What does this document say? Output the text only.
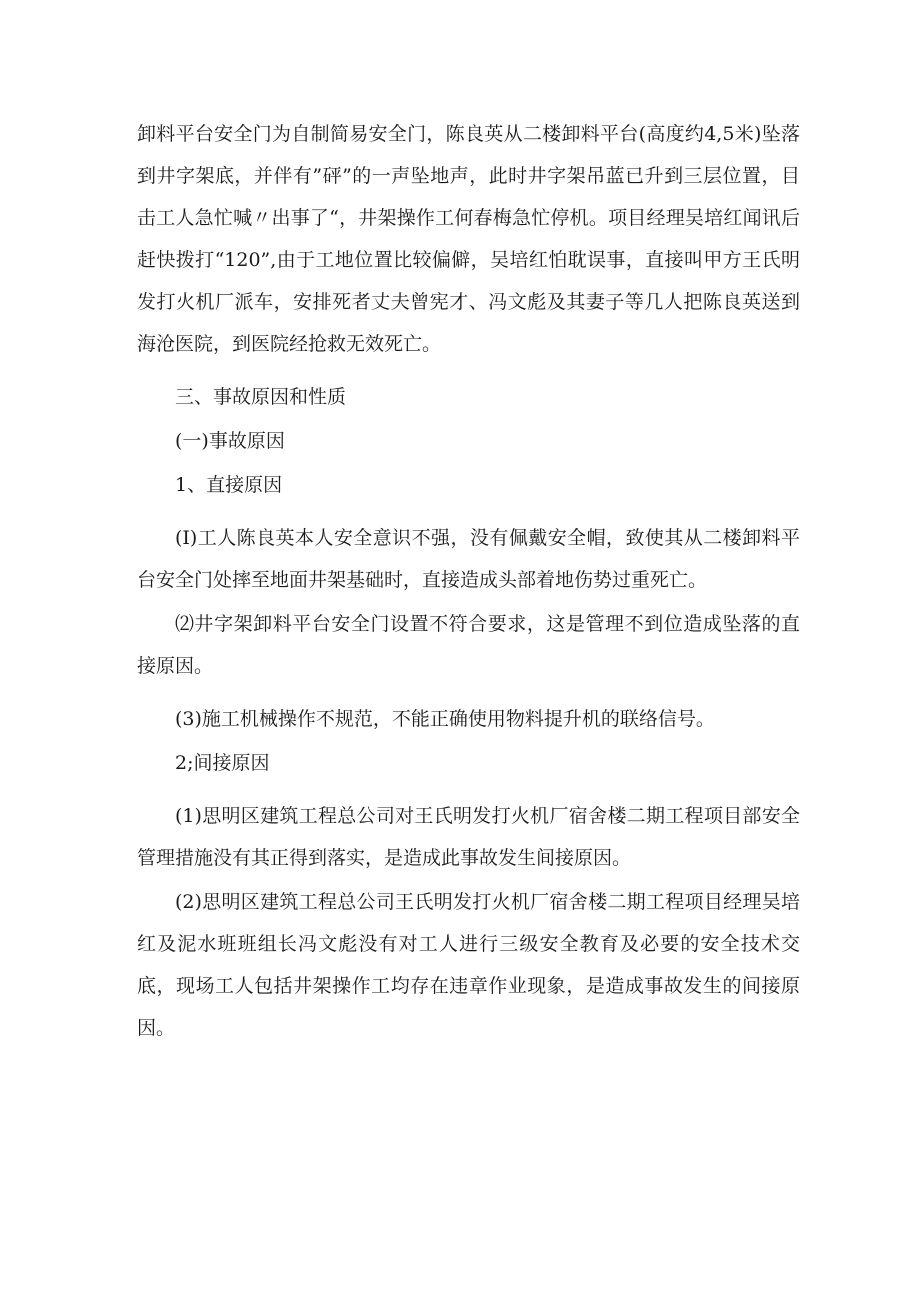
卸料平台安全门为自制简易安全门，陈良英从二楼卸料平台(高度约4,5米)坠落到井字架底，并伴有”砰”的一声坠地声，此时井字架吊蓝已升到三层位置，目击工人急忙喊〃出事了“，井架操作工何春梅急忙停机。项目经理吴培红闻讯后赶快拨打“120”,由于工地位置比较偏僻，吴培红怕耽误事，直接叫甲方王氏明发打火机厂派车，安排死者丈夫曾宪才、冯文彪及其妻子等几人把陈良英送到海沧医院，到医院经抢救无效死亡。

三、事故原因和性质

(一)事故原因

1、直接原因

(I)工人陈良英本人安全意识不强，没有佩戴安全帽，致使其从二楼卸料平台安全门处摔至地面井架基础时，直接造成头部着地伤势过重死亡。

⑵井字架卸料平台安全门设置不符合要求，这是管理不到位造成坠落的直接原因。

(3)施工机械操作不规范，不能正确使用物料提升机的联络信号。

2;间接原因

(1)思明区建筑工程总公司对王氏明发打火机厂宿舍楼二期工程项目部安全管理措施没有其正得到落实，是造成此事故发生间接原因。

(2)思明区建筑工程总公司王氏明发打火机厂宿舍楼二期工程项目经理吴培红及泥水班班组长冯文彪没有对工人进行三级安全教育及必要的安全技术交底，现场工人包括井架操作工均存在违章作业现象，是造成事故发生的间接原因。
